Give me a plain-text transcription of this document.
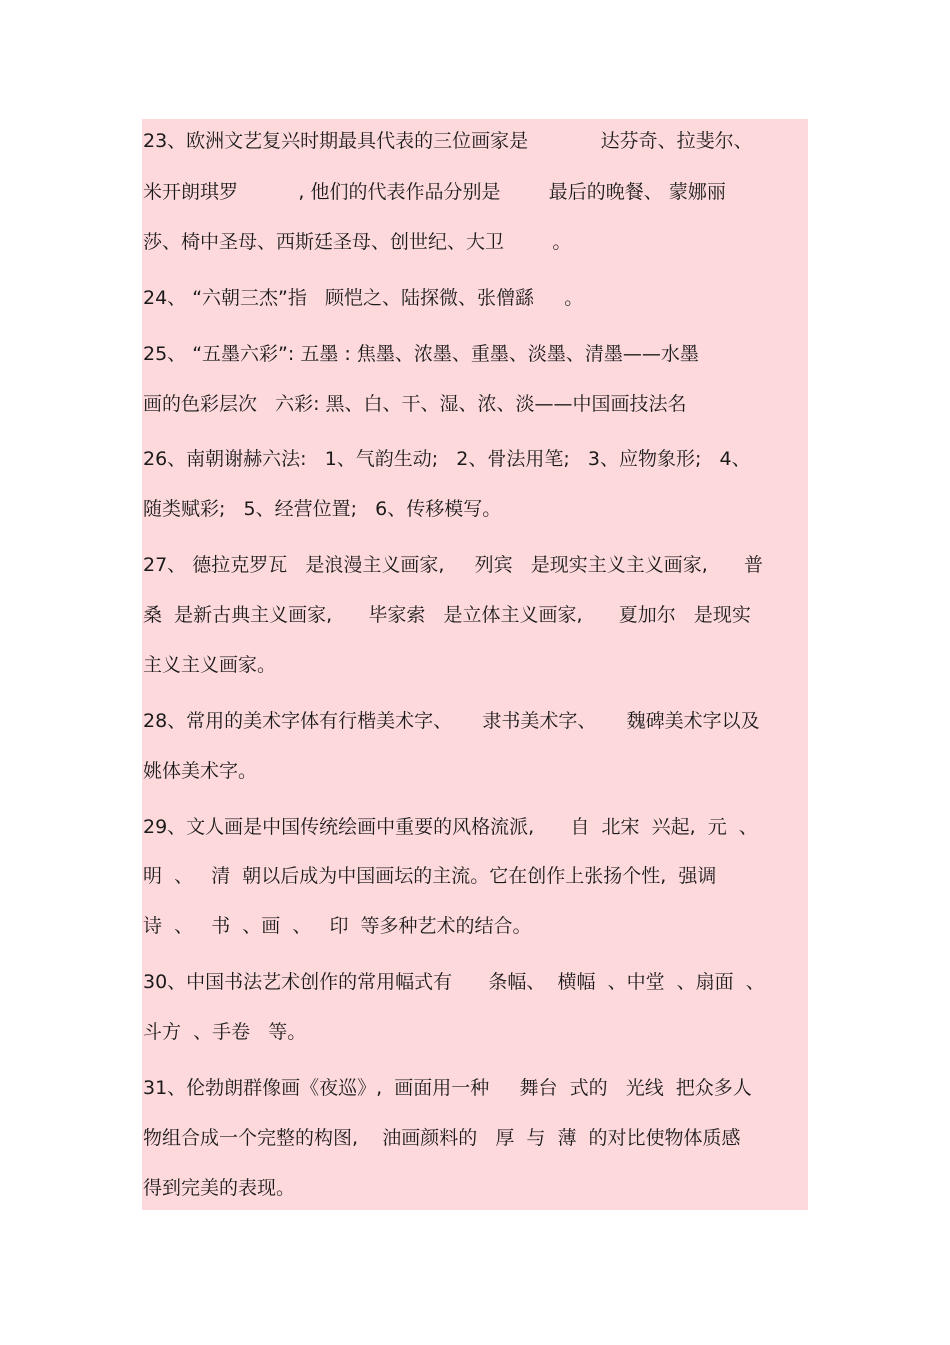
23、欧洲文艺复兴时期最具代表的三位画家是            达芬奇、拉斐尔、
米开朗琪罗          , 他们的代表作品分别是        最后的晚餐、 蒙娜丽
莎、椅中圣母、西斯廷圣母、创世纪、大卫        。
24、 “六朝三杰”指   顾恺之、陆探微、张僧繇     。
25、 “五墨六彩”: 五墨 : 焦墨、浓墨、重墨、淡墨、清墨——水墨
画的色彩层次   六彩: 黑、白、干、湿、浓、淡——中国画技法名
26、南朝谢赫六法:   1、气韵生动;   2、骨法用笔;   3、应物象形;   4、
随类赋彩;   5、经营位置;   6、传移模写。
27、 德拉克罗瓦   是浪漫主义画家,     列宾   是现实主义主义画家,      普
桑  是新古典主义画家,      毕家索   是立体主义画家,      夏加尔   是现实
主义主义画家。
28、常用的美术字体有行楷美术字、     隶书美术字、     魏碑美术字以及
姚体美术字。
29、文人画是中国传统绘画中重要的风格流派,      自  北宋  兴起,  元  、
明  、   清  朝以后成为中国画坛的主流。它在创作上张扬个性,  强调
诗  、   书  、画  、   印  等多种艺术的结合。
30、中国书法艺术创作的常用幅式有      条幅、  横幅  、中堂  、扇面  、
斗方  、手卷   等。
31、伦勃朗群像画《夜巡》,  画面用一种     舞台  式的   光线  把众多人
物组合成一个完整的构图,    油画颜料的   厚  与  薄  的对比使物体质感
得到完美的表现。
